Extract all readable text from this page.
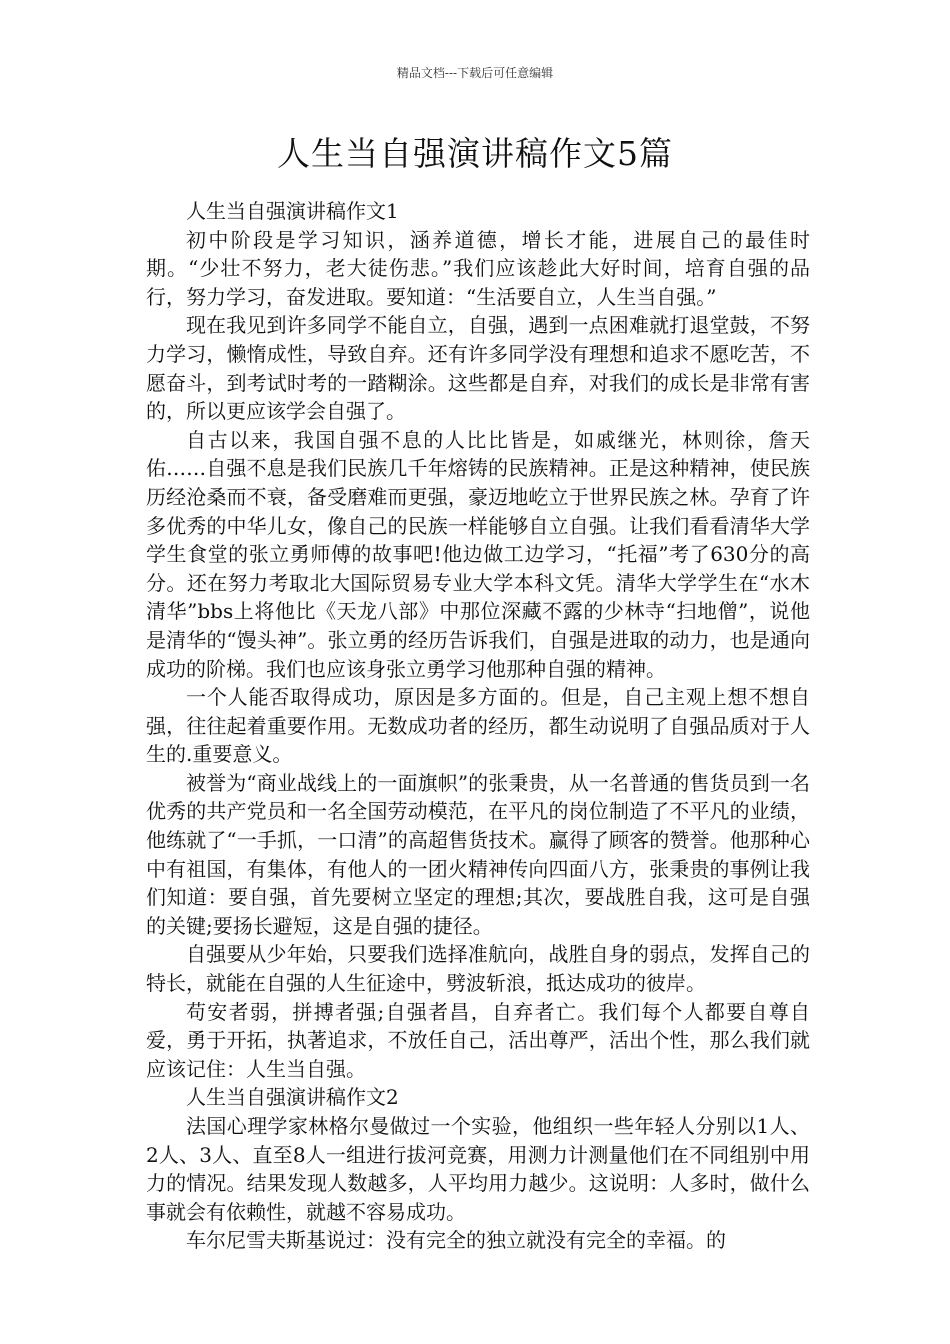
精品文档---下载后可任意编辑
人生当自强演讲稿作文5篇

人生当自强演讲稿作文1

初中阶段是学习知识，涵养道德，增长才能，进展自己的最佳时期。“少壮不努力，老大徒伤悲。”我们应该趁此大好时间，培育自强的品行，努力学习，奋发进取。要知道：“生活要自立，人生当自强。”

现在我见到许多同学不能自立，自强，遇到一点困难就打退堂鼓，不努力学习，懒惰成性，导致自弃。还有许多同学没有理想和追求不愿吃苦，不愿奋斗，到考试时考的一踏糊涂。这些都是自弃，对我们的成长是非常有害的，所以更应该学会自强了。

自古以来，我国自强不息的人比比皆是，如戚继光，林则徐，詹天佑……自强不息是我们民族几千年熔铸的民族精神。正是这种精神，使民族历经沧桑而不衰，备受磨难而更强，豪迈地屹立于世界民族之林。孕育了许多优秀的中华儿女，像自己的民族一样能够自立自强。让我们看看清华大学学生食堂的张立勇师傅的故事吧!他边做工边学习，“托福”考了630分的高分。还在努力考取北大国际贸易专业大学本科文凭。清华大学学生在“水木清华”bbs上将他比《天龙八部》中那位深藏不露的少林寺“扫地僧”，说他是清华的“馒头神”。张立勇的经历告诉我们，自强是进取的动力，也是通向成功的阶梯。我们也应该身张立勇学习他那种自强的精神。

一个人能否取得成功，原因是多方面的。但是，自己主观上想不想自强，往往起着重要作用。无数成功者的经历，都生动说明了自强品质对于人生的.重要意义。

被誉为“商业战线上的一面旗帜”的张秉贵，从一名普通的售货员到一名优秀的共产党员和一名全国劳动模范，在平凡的岗位制造了不平凡的业绩，他练就了“一手抓，一口清”的高超售货技术。赢得了顾客的赞誉。他那种心中有祖国，有集体，有他人的一团火精神传向四面八方，张秉贵的事例让我们知道：要自强，首先要树立坚定的理想;其次，要战胜自我，这可是自强的关键;要扬长避短，这是自强的捷径。

自强要从少年始，只要我们选择准航向，战胜自身的弱点，发挥自己的特长，就能在自强的人生征途中，劈波斩浪，抵达成功的彼岸。

苟安者弱，拼搏者强;自强者昌，自弃者亡。我们每个人都要自尊自爱，勇于开拓，执著追求，不放任自己，活出尊严，活出个性，那么我们就应该记住：人生当自强。

人生当自强演讲稿作文2

法国心理学家林格尔曼做过一个实验，他组织一些年轻人分别以1人、2人、3人、直至8人一组进行拔河竞赛，用测力计测量他们在不同组别中用力的情况。结果发现人数越多，人平均用力越少。这说明：人多时，做什么事就会有依赖性，就越不容易成功。

车尔尼雪夫斯基说过：没有完全的独立就没有完全的幸福。的
